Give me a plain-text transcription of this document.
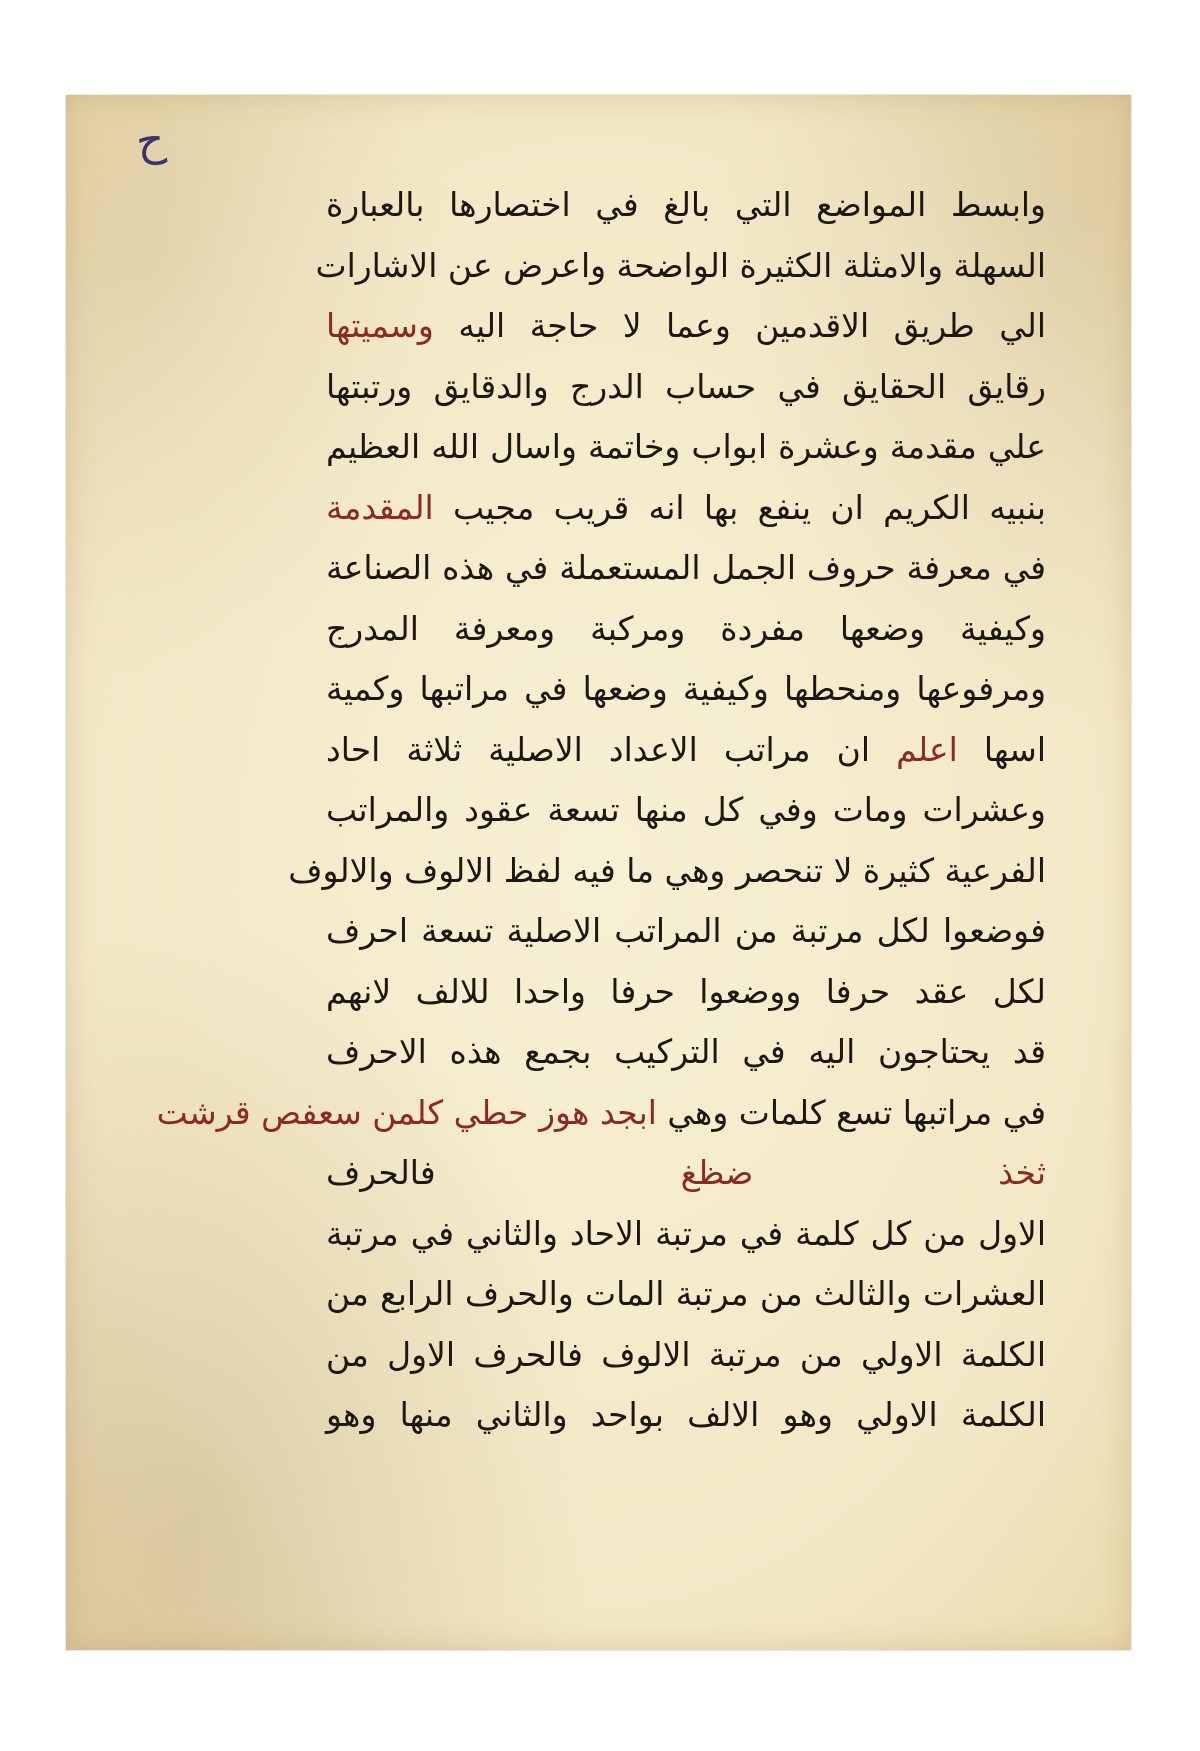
ح
وابسط المواضع التي بالغ في اختصارها بالعبارة
السهلة والامثلة الكثيرة الواضحة واعرض عن الاشارات
الي طريق الاقدمين وعما لا حاجة اليه وسميتها
رقايق الحقايق في حساب الدرج والدقايق ورتبتها
علي مقدمة وعشرة ابواب وخاتمة واسال الله العظيم
بنبيه الكريم ان ينفع بها انه قريب مجيب المقدمة
في معرفة حروف الجمل المستعملة في هذه الصناعة
وكيفية وضعها مفردة ومركبة ومعرفة المدرج
ومرفوعها ومنحطها وكيفية وضعها في مراتبها وكمية
اسها اعلم ان مراتب الاعداد الاصلية ثلاثة احاد
وعشرات ومات وفي كل منها تسعة عقود والمراتب
الفرعية كثيرة لا تنحصر وهي ما فيه لفظ الالوف والالوف
فوضعوا لكل مرتبة من المراتب الاصلية تسعة احرف
لكل عقد حرفا ووضعوا حرفا واحدا للالف لانهم
قد يحتاجون اليه في التركيب بجمع هذه الاحرف
في مراتبها تسع كلمات وهي ابجد هوز حطي كلمن سعفص قرشت
ثخذ ضظغ فالحرف
الاول من كل كلمة في مرتبة الاحاد والثاني في مرتبة
العشرات والثالث من مرتبة المات والحرف الرابع من
الكلمة الاولي من مرتبة الالوف فالحرف الاول من
الكلمة الاولي وهو الالف بواحد والثاني منها وهو
